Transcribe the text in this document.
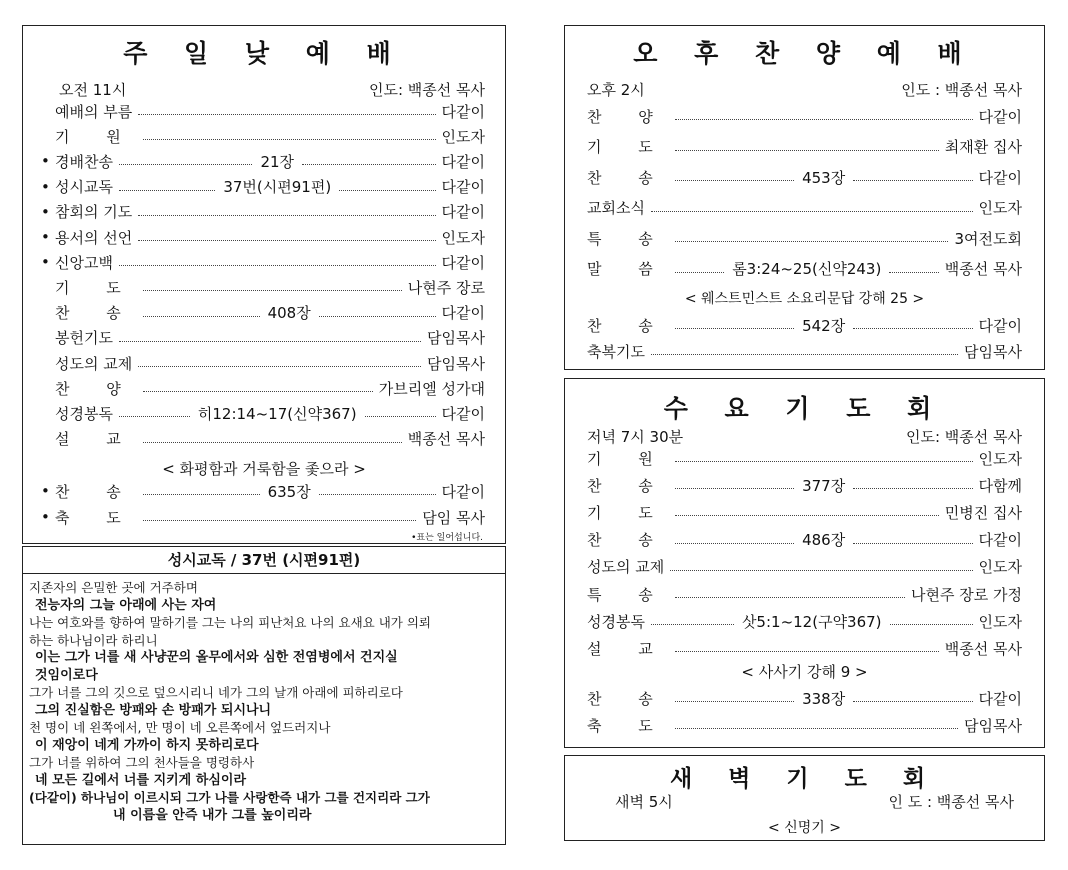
주 일 낮 예 배
오전 11시	인도: 백종선 목사
예배의 부름	다같이
기 원	인도자
• 경배찬송	21장	다같이
• 성시교독	37번(시편91편)	다같이
• 참회의 기도	다같이
• 용서의 선언	인도자
• 신앙고백	다같이
기 도	나현주 장로
찬 송	408장	다같이
봉헌기도	담임목사
성도의 교제	담임목사
찬 양	가브리엘 성가대
성경봉독	히12:14~17(신약367)	다같이
설 교	백종선 목사
< 화평함과 거룩함을 좇으라 >
• 찬 송	635장	다같이
• 축 도	담임 목사
•표는 일어섭니다.
성시교독 / 37번 (시편91편)
지존자의 은밀한 곳에 거주하며
전능자의 그늘 아래에 사는 자여
나는 여호와를 향하여 말하기를 그는 나의 피난처요 나의 요새요 내가 의뢰
하는 하나님이라 하리니
이는 그가 너를 새 사냥꾼의 올무에서와 심한 전염병에서 건지실
것임이로다
그가 너를 그의 깃으로 덮으시리니 네가 그의 날개 아래에 피하리로다
그의 진실함은 방패와 손 방패가 되시나니
천 명이 네 왼쪽에서, 만 명이 네 오른쪽에서 엎드러지나
이 재앙이 네게 가까이 하지 못하리로다
그가 너를 위하여 그의 천사들을 명령하사
네 모든 길에서 너를 지키게 하심이라
(다같이) 하나님이 이르시되 그가 나를 사랑한즉 내가 그를 건지리라 그가
내 이름을 안즉 내가 그를 높이리라
오 후 찬 양 예 배
오후 2시	인도 : 백종선 목사
찬 양	다같이
기 도	최재환 집사
찬 송	453장	다같이
교회소식	인도자
특 송	3여전도회
말 씀	롬3:24~25(신약243)	백종선 목사
< 웨스트민스트 소요리문답 강해 25 >
찬 송	542장	다같이
축복기도	담임목사
수 요 기 도 회
저녁 7시 30분	인도: 백종선 목사
기 원	인도자
찬 송	377장	다함께
기 도	민병진 집사
찬 송	486장	다같이
성도의 교제	인도자
특 송	나현주 장로 가정
성경봉독	삿5:1~12(구약367)	인도자
설 교	백종선 목사
< 사사기 강해 9 >
찬 송	338장	다같이
축 도	담임목사
새 벽 기 도 회
새벽 5시	인 도 : 백종선 목사
< 신명기 >
